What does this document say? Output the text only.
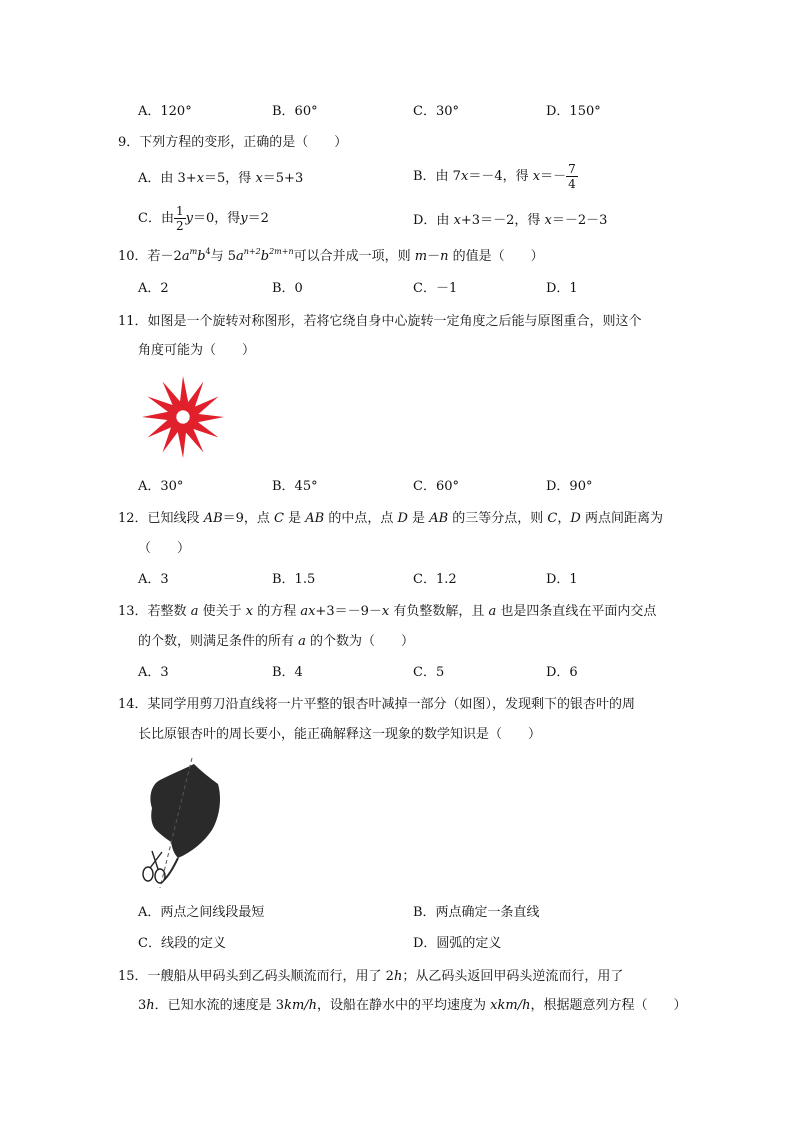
A．120°	B．60°	C．30°	D．150°
9．下列方程的变形，正确的是（　　）
A．由 3+x＝5，得 x＝5+3	B．由 7x＝－4，得 $x=- \frac{7}{4}$
C．由 $\frac{1}{2} y=0$，得y＝2	D．由 x+3＝－2，得 x＝－2－3
10．若$-2a^mb^4$与 $5a^{n+2}b^{2m+n}$可以合并成一项，则 m－n 的值是（　　）
A．2	B．0	C．－1	D．1
11．如图是一个旋转对称图形，若将它绕自身中心旋转一定角度之后能与原图重合，则这个
角度可能为（　　）
A．30°	B．45°	C．60°	D．90°
12．已知线段 AB＝9，点 C 是 AB 的中点，点 D 是 AB 的三等分点，则 C，D 两点间距离为
（　　）
A．3	B．1.5	C．1.2	D．1
13．若整数 a 使关于 x 的方程 ax+3＝－9－x 有负整数解，且 a 也是四条直线在平面内交点
的个数，则满足条件的所有 a 的个数为（　　）
A．3	B．4	C．5	D．6
14．某同学用剪刀沿直线将一片平整的银杏叶减掉一部分（如图），发现剩下的银杏叶的周
长比原银杏叶的周长要小，能正确解释这一现象的数学知识是（　　）
A．两点之间线段最短	B．两点确定一条直线
C．线段的定义	D．圆弧的定义
15．一艘船从甲码头到乙码头顺流而行，用了 2h；从乙码头返回甲码头逆流而行，用了
3h．已知水流的速度是 3km/h，设船在静水中的平均速度为 xkm/h，根据题意列方程（　　）
